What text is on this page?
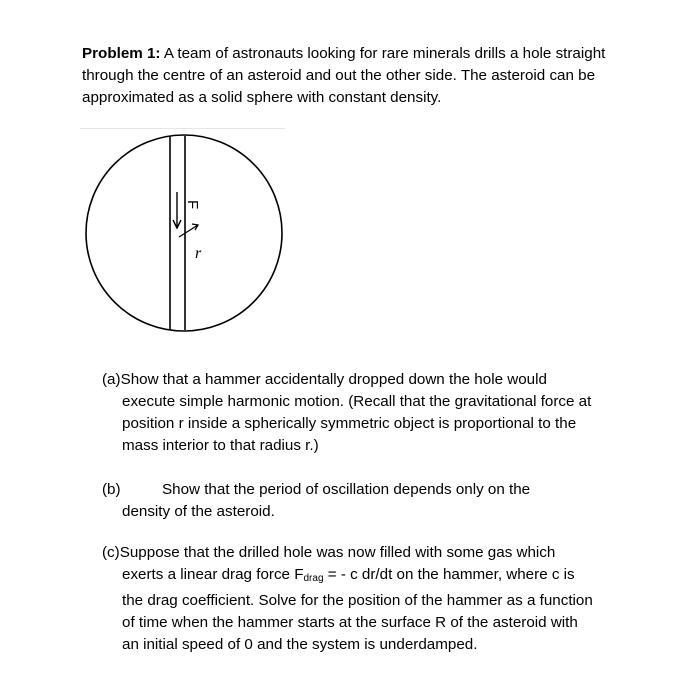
Problem 1: A team of astronauts looking for rare minerals drills a hole straight through the centre of an asteroid and out the other side. The asteroid can be approximated as a solid sphere with constant density.
F
r
(a)Show that a hammer accidentally dropped down the hole would
execute simple harmonic motion. (Recall that the gravitational force at position r inside a spherically symmetric object is proportional to the mass interior to that radius r.)
(b)	Show that the period of oscillation depends only on the
density of the asteroid.
(c)Suppose that the drilled hole was now filled with some gas which
exerts a linear drag force $F_{drag}$ = - c dr/dt on the hammer, where c is the drag coefficient. Solve for the position of the hammer as a function of time when the hammer starts at the surface R of the asteroid with an initial speed of 0 and the system is underdamped.
